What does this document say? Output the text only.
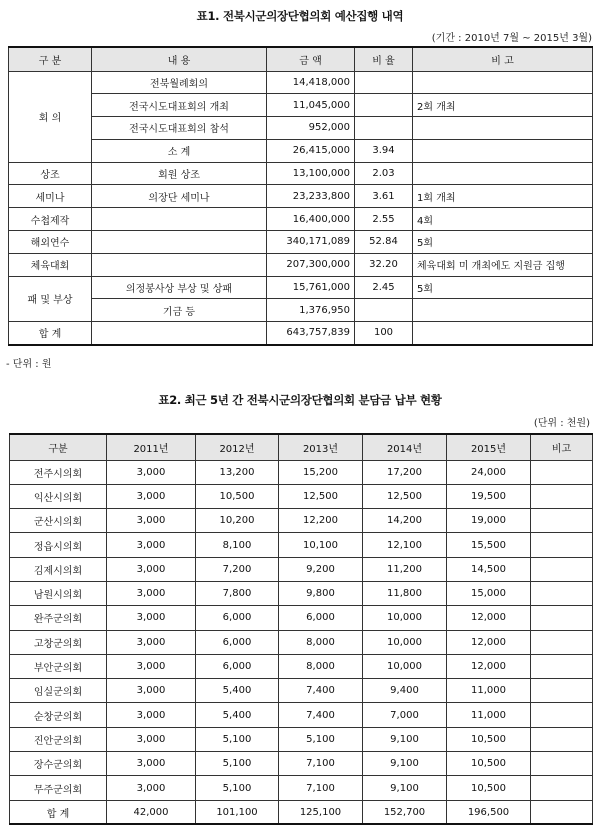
표1. 전북시군의장단협의회 예산집행 내역
(기간 : 2010년 7월 ~ 2015년 3월)
구 분	내 용	금 액	비 율	비 고
회 의	전북월례회의	14,418,000		
	전국시도대표회의 개최	11,045,000		2회 개최
	전국시도대표회의 참석	952,000		
	소 계	26,415,000	3.94	
상조	회원 상조	13,100,000	2.03	
세미나	의장단 세미나	23,233,800	3.61	1회 개최
수첩제작		16,400,000	2.55	4회
해외연수		340,171,089	52.84	5회
체육대회		207,300,000	32.20	체육대회 미 개최에도 지원금 집행
패 및 부상	의정봉사상 부상 및 상패	15,761,000	2.45	5회
	기금 등	1,376,950		
합 계		643,757,839	100	
- 단위 : 원
표2. 최근 5년 간 전북시군의장단협의회 분담금 납부 현황
(단위 : 천원)
구분	2011년	2012년	2013년	2014년	2015년	비고
전주시의회	3,000	13,200	15,200	17,200	24,000	
익산시의회	3,000	10,500	12,500	12,500	19,500	
군산시의회	3,000	10,200	12,200	14,200	19,000	
정읍시의회	3,000	8,100	10,100	12,100	15,500	
김제시의회	3,000	7,200	9,200	11,200	14,500	
남원시의회	3,000	7,800	9,800	11,800	15,000	
완주군의회	3,000	6,000	6,000	10,000	12,000	
고창군의회	3,000	6,000	8,000	10,000	12,000	
부안군의회	3,000	6,000	8,000	10,000	12,000	
임실군의회	3,000	5,400	7,400	9,400	11,000	
순창군의회	3,000	5,400	7,400	7,000	11,000	
진안군의회	3,000	5,100	5,100	9,100	10,500	
장수군의회	3,000	5,100	7,100	9,100	10,500	
무주군의회	3,000	5,100	7,100	9,100	10,500	
합 계	42,000	101,100	125,100	152,700	196,500	
